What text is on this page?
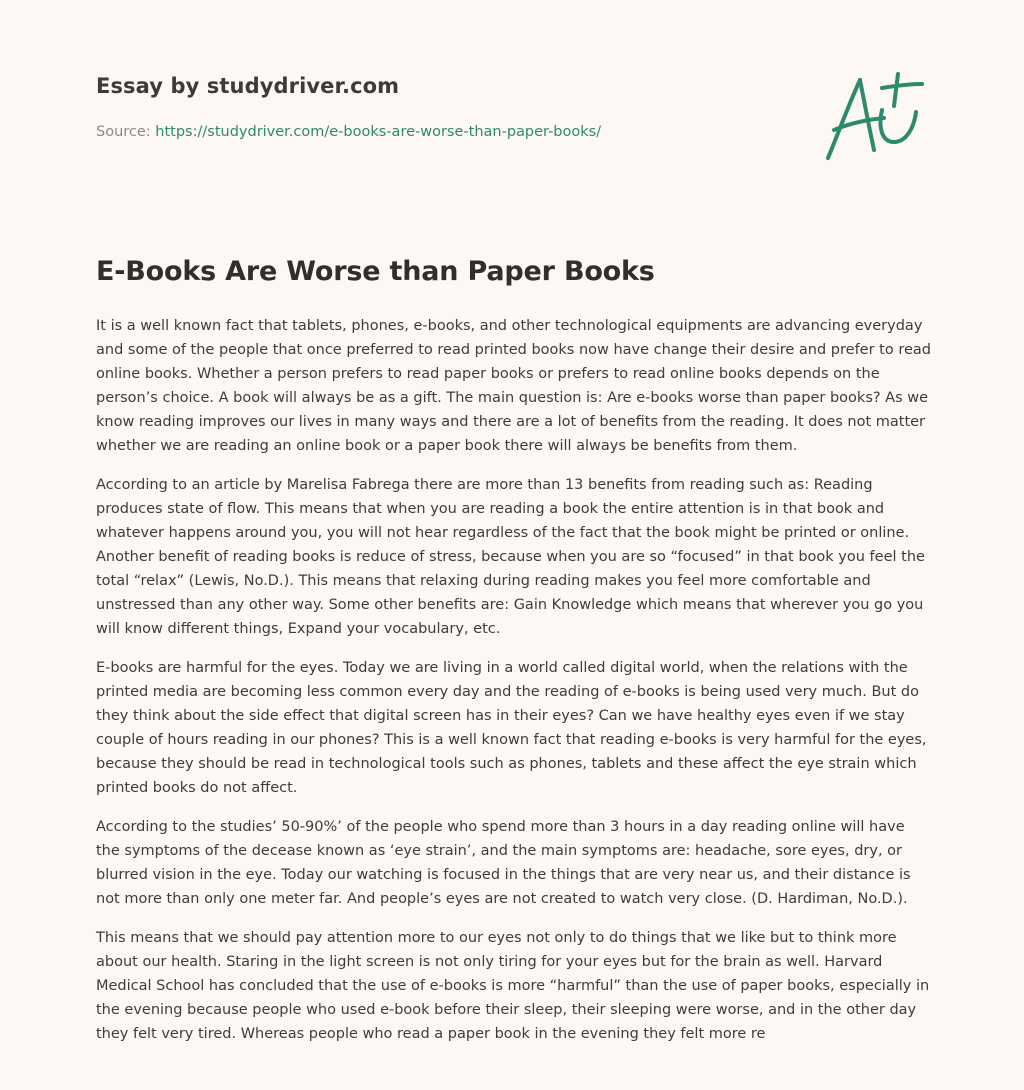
Essay by studydriver.com
Source: https://studydriver.com/e-books-are-worse-than-paper-books/
E-Books Are Worse than Paper Books

It is a well known fact that tablets, phones, e-books, and other technological equipments are advancing everyday and some of the people that once preferred to read printed books now have change their desire and prefer to read online books. Whether a person prefers to read paper books or prefers to read online books depends on the person’s choice. A book will always be as a gift. The main question is: Are e-books worse than paper books? As we know reading improves our lives in many ways and there are a lot of benefits from the reading. It does not matter whether we are reading an online book or a paper book there will always be benefits from them.

According to an article by Marelisa Fabrega there are more than 13 benefits from reading such as: Reading produces state of flow. This means that when you are reading a book the entire attention is in that book and whatever happens around you, you will not hear regardless of the fact that the book might be printed or online. Another benefit of reading books is reduce of stress, because when you are so “focused” in that book you feel the total “relax” (Lewis, No.D.). This means that relaxing during reading makes you feel more comfortable and unstressed than any other way. Some other benefits are: Gain Knowledge which means that wherever you go you will know different things, Expand your vocabulary, etc.

E-books are harmful for the eyes. Today we are living in a world called digital world, when the relations with the printed media are becoming less common every day and the reading of e-books is being used very much. But do they think about the side effect that digital screen has in their eyes? Can we have healthy eyes even if we stay couple of hours reading in our phones? This is a well known fact that reading e-books is very harmful for the eyes, because they should be read in technological tools such as phones, tablets and these affect the eye strain which printed books do not affect.

According to the studies’ 50-90%’ of the people who spend more than 3 hours in a day reading online will have the symptoms of the decease known as ‘eye strain’, and the main symptoms are: headache, sore eyes, dry, or blurred vision in the eye. Today our watching is focused in the things that are very near us, and their distance is not more than only one meter far. And people’s eyes are not created to watch very close. (D. Hardiman, No.D.).

This means that we should pay attention more to our eyes not only to do things that we like but to think more about our health. Staring in the light screen is not only tiring for your eyes but for the brain as well. Harvard Medical School has concluded that the use of e-books is more “harmful” than the use of paper books, especially in the evening because people who used e-book before their sleep, their sleeping were worse, and in the other day they felt very tired. Whereas people who read a paper book in the evening they felt more re
